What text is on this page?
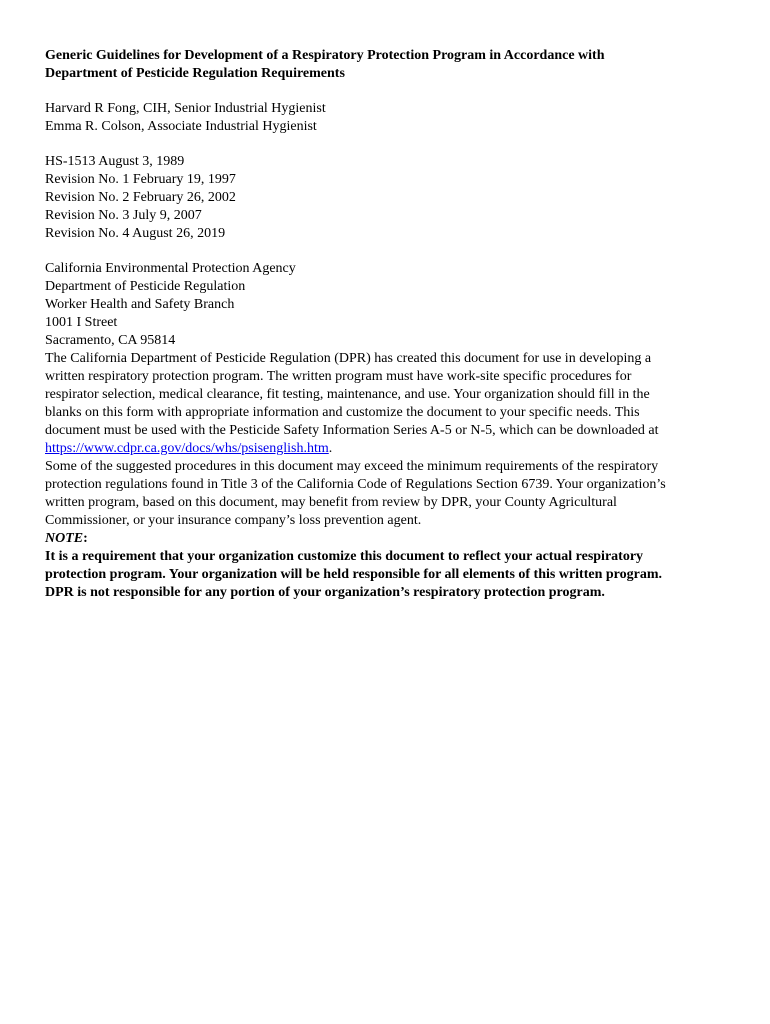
Generic Guidelines for Development of a Respiratory Protection Program in Accordance with
Department of Pesticide Regulation Requirements
Harvard R Fong, CIH, Senior Industrial Hygienist
Emma R. Colson, Associate Industrial Hygienist
HS-1513 August 3, 1989
Revision No. 1 February 19, 1997
Revision No. 2 February 26, 2002
Revision No. 3 July 9, 2007
Revision No. 4 August 26, 2019
California Environmental Protection Agency
Department of Pesticide Regulation
Worker Health and Safety Branch
1001 I Street
Sacramento, CA 95814
The California Department of Pesticide Regulation (DPR) has created this document for use in developing a
written respiratory protection program. The written program must have work-site specific procedures for
respirator selection, medical clearance, fit testing, maintenance, and use. Your organization should fill in the
blanks on this form with appropriate information and customize the document to your specific needs. This
document must be used with the Pesticide Safety Information Series A-5 or N-5, which can be downloaded at
https://www.cdpr.ca.gov/docs/whs/psisenglish.htm.
Some of the suggested procedures in this document may exceed the minimum requirements of the respiratory
protection regulations found in Title 3 of the California Code of Regulations Section 6739. Your organization’s
written program, based on this document, may benefit from review by DPR, your County Agricultural
Commissioner, or your insurance company’s loss prevention agent.
NOTE:
It is a requirement that your organization customize this document to reflect your actual respiratory
protection program. Your organization will be held responsible for all elements of this written program.
DPR is not responsible for any portion of your organization’s respiratory protection program.
